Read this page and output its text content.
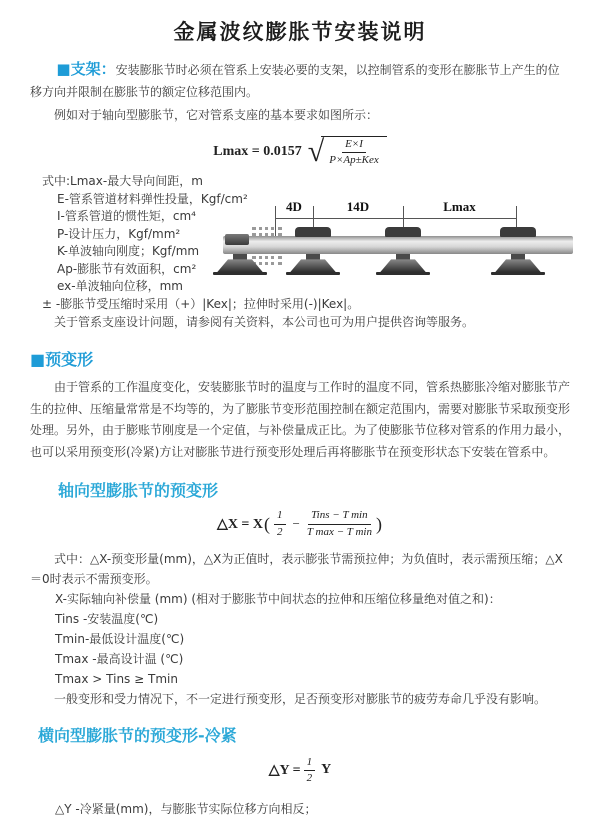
金属波纹膨胀节安装说明

■支架：安装膨胀节时必须在管系上安装必要的支架，以控制管系的变形在膨胀节上产生的位移方向并限制在膨胀节的额定位移范围内。

例如对于轴向型膨胀节，它对管系支座的基本要求如图所示：

Lmax = 0.0157 √ $\frac{E\times I}{\text{P×Ap±Kex}}$
式中:Lmax-最大导向间距，m
E-管系管道材料弹性投量，Kgf/cm²
I-管系管道的惯性矩，cm⁴
P-设计压力，Kgf/mm²
K-单波轴向刚度；Kgf/mm
Ap-膨胀节有效面积，cm²
ex-单波轴向位移，mm
± -膨胀节受压缩时采用（+）|Kex|；拉伸时采用(-)|Kex|。
关于管系支座设计问题，请参阅有关资料，本公司也可为用户提供咨询等服务。
4D	14D	Lmax
■预变形

由于管系的工作温度变化，安装膨胀节时的温度与工作时的温度不同，管系热膨胀冷缩对膨胀节产生的拉伸、压缩量常常是不均等的，为了膨胀节变形范围控制在额定范围内，需要对膨胀节采取预变形处理。另外，由于膨账节刚度是一个定值，与补偿量成正比。为了使膨胀节位移对管系的作用力最小，也可以采用预变形(冷紧)方让对膨胀节进行预变形处理后再将膨胀节在预变形状态下安装在管系中。

轴向型膨胀节的预变形
△X = X ( $\frac{1}{2} - \frac{\text{Tins − T min}}{\text{T max − T min}}$ )

式中：△X-预变形量(mm)，△X为正值时，表示膨张节需预拉伸；为负值时，表示需预压缩；△X＝0时表示不需预变形。

X-实际轴向补偿量 (mm) (相对于膨胀节中间状态的拉伸和压缩位移量绝对值之和)：
Tins -安装温度(℃)
Tmin-最低设计温度(℃)
Tmax -最高设计温 (℃)
Tmax > Tins ≥ Tmin

一般变形和受力情况下，不一定进行预变形，足否预变形对膨胀节的疲劳寿命几乎没有影响。

横向型膨胀节的预变形-冷紧
△Y = $\frac{1}{2}$ Y
△Y -冷紧量(mm)，与膨胀节实际位移方向相反；
